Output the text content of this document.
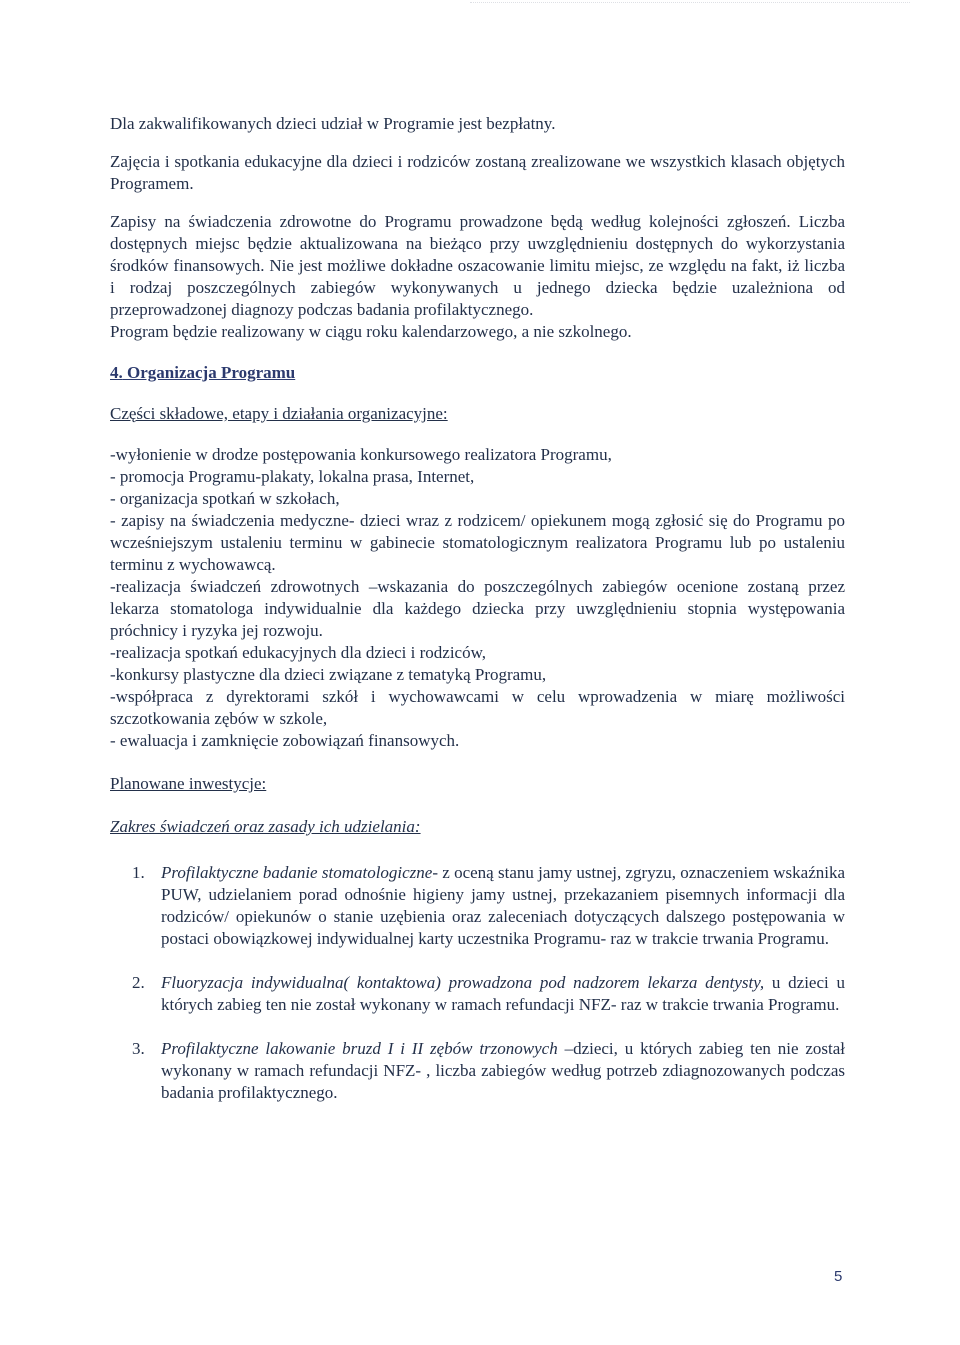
Dla zakwalifikowanych dzieci udział w Programie jest bezpłatny.

Zajęcia i spotkania edukacyjne dla dzieci i rodziców zostaną zrealizowane we wszystkich klasach objętych Programem.

Zapisy na świadczenia zdrowotne do Programu prowadzone będą według kolejności zgłoszeń. Liczba dostępnych miejsc będzie aktualizowana na bieżąco przy uwzględnieniu dostępnych do wykorzystania środków finansowych. Nie jest możliwe dokładne oszacowanie limitu miejsc, ze względu na fakt, iż liczba i rodzaj poszczególnych zabiegów wykonywanych u jednego dziecka będzie uzależniona od przeprowadzonej diagnozy podczas badania profilaktycznego.

Program będzie realizowany w ciągu roku kalendarzowego, a nie szkolnego.

4. Organizacja Programu

Części składowe, etapy i działania organizacyjne:

-wyłonienie w drodze postępowania konkursowego realizatora Programu,

- promocja Programu-plakaty, lokalna prasa, Internet,

- organizacja spotkań w szkołach,

- zapisy na świadczenia medyczne- dzieci wraz z rodzicem/ opiekunem mogą zgłosić się do Programu po wcześniejszym ustaleniu terminu w gabinecie stomatologicznym realizatora Programu lub po ustaleniu terminu z wychowawcą.

-realizacja świadczeń zdrowotnych –wskazania do poszczególnych zabiegów ocenione zostaną przez lekarza stomatologa indywidualnie dla każdego dziecka przy uwzględnieniu stopnia występowania próchnicy i ryzyka jej rozwoju.

-realizacja spotkań edukacyjnych dla dzieci i rodziców,

-konkursy plastyczne dla dzieci związane z tematyką Programu,

-współpraca z dyrektorami szkół i wychowawcami w celu wprowadzenia w miarę możliwości szczotkowania zębów w szkole,

- ewaluacja i zamknięcie zobowiązań finansowych.

Planowane inwestycje:

Zakres świadczeń oraz zasady ich udzielania:

1. Profilaktyczne badanie stomatologiczne- z oceną stanu jamy ustnej, zgryzu, oznaczeniem wskaźnika PUW, udzielaniem porad odnośnie higieny jamy ustnej, przekazaniem pisemnych informacji dla rodziców/ opiekunów o stanie uzębienia oraz zaleceniach dotyczących dalszego postępowania w postaci obowiązkowej indywidualnej karty uczestnika Programu- raz w trakcie trwania Programu.
2. Fluoryzacja indywidualna( kontaktowa) prowadzona pod nadzorem lekarza dentysty, u dzieci u których zabieg ten nie został wykonany w ramach refundacji NFZ- raz w trakcie trwania Programu.
3. Profilaktyczne lakowanie bruzd I i II zębów trzonowych –dzieci, u których zabieg ten nie został wykonany w ramach refundacji NFZ- , liczba zabiegów według potrzeb zdiagnozowanych podczas badania profilaktycznego.
5
